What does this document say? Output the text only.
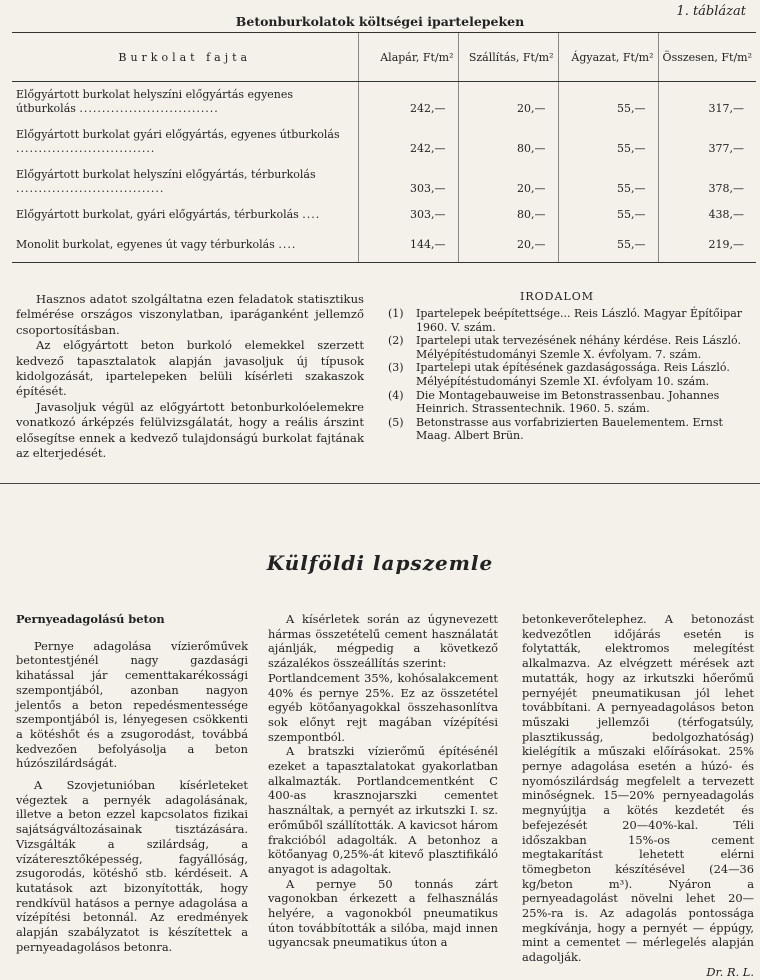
1. táblázat
Betonburkolatok költségei ipartelepeken
Burkolat fajta	Alapár, Ft/m²	Szállítás, Ft/m²	Ágyazat, Ft/m²	Összesen, Ft/m²
Előgyártott burkolat helyszíni előgyártás egyenes útburkolás ...............................	242,—	20,—	55,—	317,—
Előgyártott burkolat gyári előgyártás, egyenes útburkolás ...............................	242,—	80,—	55,—	377,—
Előgyártott burkolat helyszíni előgyártás, térburkolás .................................	303,—	20,—	55,—	378,—
Előgyártott burkolat, gyári előgyártás, térburkolás ....	303,—	80,—	55,—	438,—
Monolit burkolat, egyenes út vagy térburkolás ....	144,—	20,—	55,—	219,—

Hasznos adatot szolgáltatna ezen feladatok statisztikus felmérése országos viszonylatban, iparáganként jellemző csoportosításban.

Az előgyártott beton burkoló elemekkel szerzett kedvező tapasztalatok alapján javasoljuk új típusok kidolgozását, ipartelepeken belüli kísérleti szakaszok építését.

Javasoljuk végül az előgyártott betonburkolóelemekre vonatkozó árképzés felülvizsgálatát, hogy a reális árszint elősegítse ennek a kedvező tulajdonságú burkolat fajtának az elterjedését.

IRODALOM
(1)	Ipartelepek beépítettsége... Reis László. Magyar Építőipar 1960. V. szám.
(2)	Ipartelepi utak tervezésének néhány kérdése. Reis László. Mélyépítéstudományi Szemle X. évfolyam. 7. szám.
(3)	Ipartelepi utak építésének gazdaságossága. Reis László. Mélyépítéstudományi Szemle XI. évfolyam 10. szám.
(4)	Die Montagebauweise im Betonstrassenbau. Johannes Heinrich. Strassentechnik. 1960. 5. szám.
(5)	Betonstrasse aus vorfabrizierten Bauelementem. Ernst Maag. Albert Brün.
Külföldi lapszemle
Pernyeadagolású beton

Pernye adagolása vízierőművek betontestjénél nagy gazdasági kihatással jár cementtakarékossági szempontjából, azonban nagyon jelentős a beton repedésmentessége szempontjából is, lényegesen csökkenti a kötéshőt és a zsugorodást, továbbá kedvezően befolyásolja a beton húzószilárdságát.

A Szovjetunióban kísérleteket végeztek a pernyék adagolásának, illetve a beton ezzel kapcsolatos fizikai sajátságváltozásainak tisztázására. Vizsgálták a szilárdság, a vízáteresztőképesség, fagyállóság, zsugorodás, kötéshő stb. kérdéseit. A kutatások azt bizonyították, hogy rendkívül hatásos a pernye adagolása a vízépítési betonnál. Az eredmények alapján szabályzatot is készítettek a pernyeadagolásos betonra.

A kísérletek során az úgynevezett hármas összetételű cement használatát ajánlják, mégpedig a következő százalékos összeállítás szerint:

Portlandcement 35%, kohósalakcement 40% és pernye 25%. Ez az összetétel egyéb kötőanyagokkal összehasonlítva sok előnyt rejt magában vízépítési szempontból.

A bratszki vízierőmű építésénél ezeket a tapasztalatokat gyakorlatban alkalmazták. Portlandcementként C 400-as krasznojarszki cementet használtak, a pernyét az irkutszki I. sz. erőműből szállították. A kavicsot három frakcióból adagolták. A betonhoz a kötőanyag 0,25%-át kitevő plasztifikáló anyagot is adagoltak.

A pernye 50 tonnás zárt vagonokban érkezett a felhasználás helyére, a vagonokból pneumatikus úton továbbították a silóba, majd innen ugyancsak pneumatikus úton a

betonkeverőtelephez. A betonozást kedvezőtlen időjárás esetén is folytatták, elektromos melegítést alkalmazva. Az elvégzett mérések azt mutatták, hogy az irkutszki hőerőmű pernyéjét pneumatikusan jól lehet továbbítani. A pernyeadagolásos beton műszaki jellemzői (térfogatsúly, plasztikusság, bedolgozhatóság) kielégítik a műszaki előírásokat. 25% pernye adagolása esetén a húzó- és nyomószilárdság megfelelt a tervezett minőségnek. 15—20% pernyeadagolás megnyújtja a kötés kezdetét és befejezését 20—40%-kal. Téli időszakban 15%-os cement megtakarítást lehetett elérni tömegbeton készítésével (24—36 kg/beton m³). Nyáron a pernyeadagolást növelni lehet 20—25%-ra is. Az adagolás pontossága megkívánja, hogy a pernyét — éppúgy, mint a cementet — mérlegelés alapján adagolják.

Dr. R. L.
